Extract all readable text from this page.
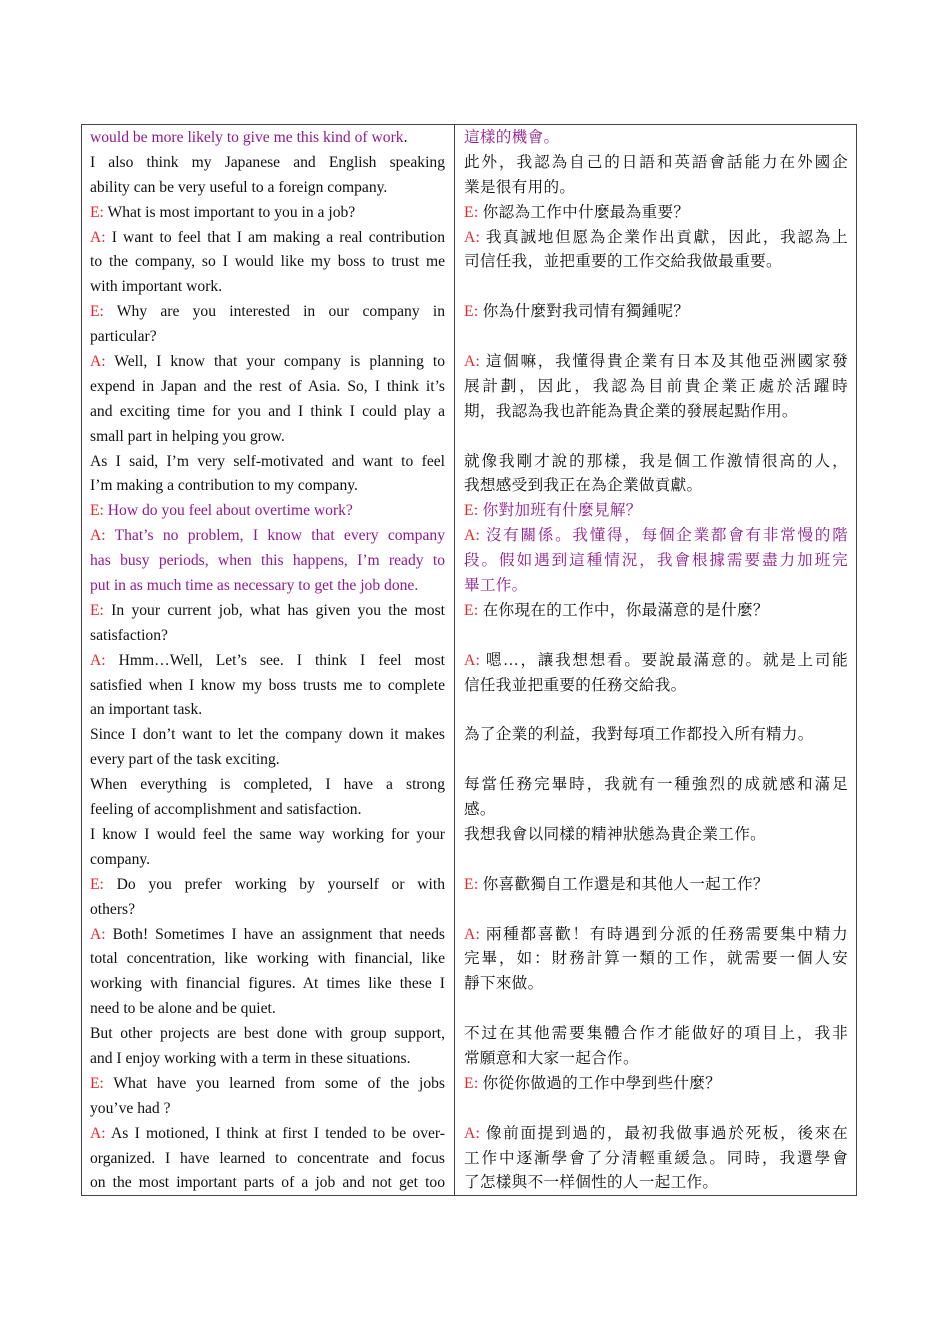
would be more likely to give me this kind of work.
I also think my Japanese and English speaking
ability can be very useful to a foreign company.
E: What is most important to you in a job?
A: I want to feel that I am making a real contribution
to the company, so I would like my boss to trust me
with important work.
E: Why are you interested in our company in
particular?
A: Well, I know that your company is planning to
expend in Japan and the rest of Asia. So, I think it’s
and exciting time for you and I think I could play a
small part in helping you grow.
As I said, I’m very self-motivated and want to feel
I’m making a contribution to my company.
E: How do you feel about overtime work?
A: That’s no problem, I know that every company
has busy periods, when this happens, I’m ready to
put in as much time as necessary to get the job done.
E: In your current job, what has given you the most
satisfaction?
A: Hmm…Well, Let’s see. I think I feel most
satisfied when I know my boss trusts me to complete
an important task.
Since I don’t want to let the company down it makes
every part of the task exciting.
When everything is completed, I have a strong
feeling of accomplishment and satisfaction.
I know I would feel the same way working for your
company.
E: Do you prefer working by yourself or with
others?
A: Both! Sometimes I have an assignment that needs
total concentration, like working with financial, like
working with financial figures. At times like these I
need to be alone and be quiet.
But other projects are best done with group support,
and I enjoy working with a term in these situations.
E: What have you learned from some of the jobs
you’ve had ?
A: As I motioned, I think at first I tended to be over-
organized. I have learned to concentrate and focus
on the most important parts of a job and not get too
這樣的機會。
此外，我認為自己的日語和英語會話能力在外國企
業是很有用的。
E: 你認為工作中什麼最為重要？
A: 我真誠地但愿為企業作出貢獻，因此，我認為上
司信任我，並把重要的工作交給我做最重要。
E: 你為什麼對我司情有獨鍾呢？
A: 這個嘛，我懂得貴企業有日本及其他亞洲國家發
展計劃，因此，我認為目前貴企業正處於活躍時
期，我認為我也許能為貴企業的發展起點作用。
就像我剛才說的那樣，我是個工作激情很高的人，
我想感受到我正在為企業做貢獻。
E: 你對加班有什麼見解？
A: 沒有關係。我懂得，每個企業都會有非常慢的階
段。假如遇到這種情況，我會根據需要盡力加班完
畢工作。
E: 在你現在的工作中，你最滿意的是什麼？
A: 嗯…，讓我想想看。要說最滿意的。就是上司能
信任我並把重要的任務交給我。
為了企業的利益，我對每項工作都投入所有精力。
每當任務完畢時，我就有一種強烈的成就感和滿足
感。
我想我會以同樣的精神狀態為貴企業工作。
E: 你喜歡獨自工作還是和其他人一起工作？
A: 兩種都喜歡！有時遇到分派的任務需要集中精力
完畢，如：財務計算一類的工作，就需要一個人安
靜下來做。
不过在其他需要集體合作才能做好的項目上，我非
常願意和大家一起合作。
E: 你從你做過的工作中學到些什麼？
A: 像前面提到過的，最初我做事過於死板，後來在
工作中逐漸學會了分清輕重緩急。同時，我還學會
了怎樣與不一样個性的人一起工作。
